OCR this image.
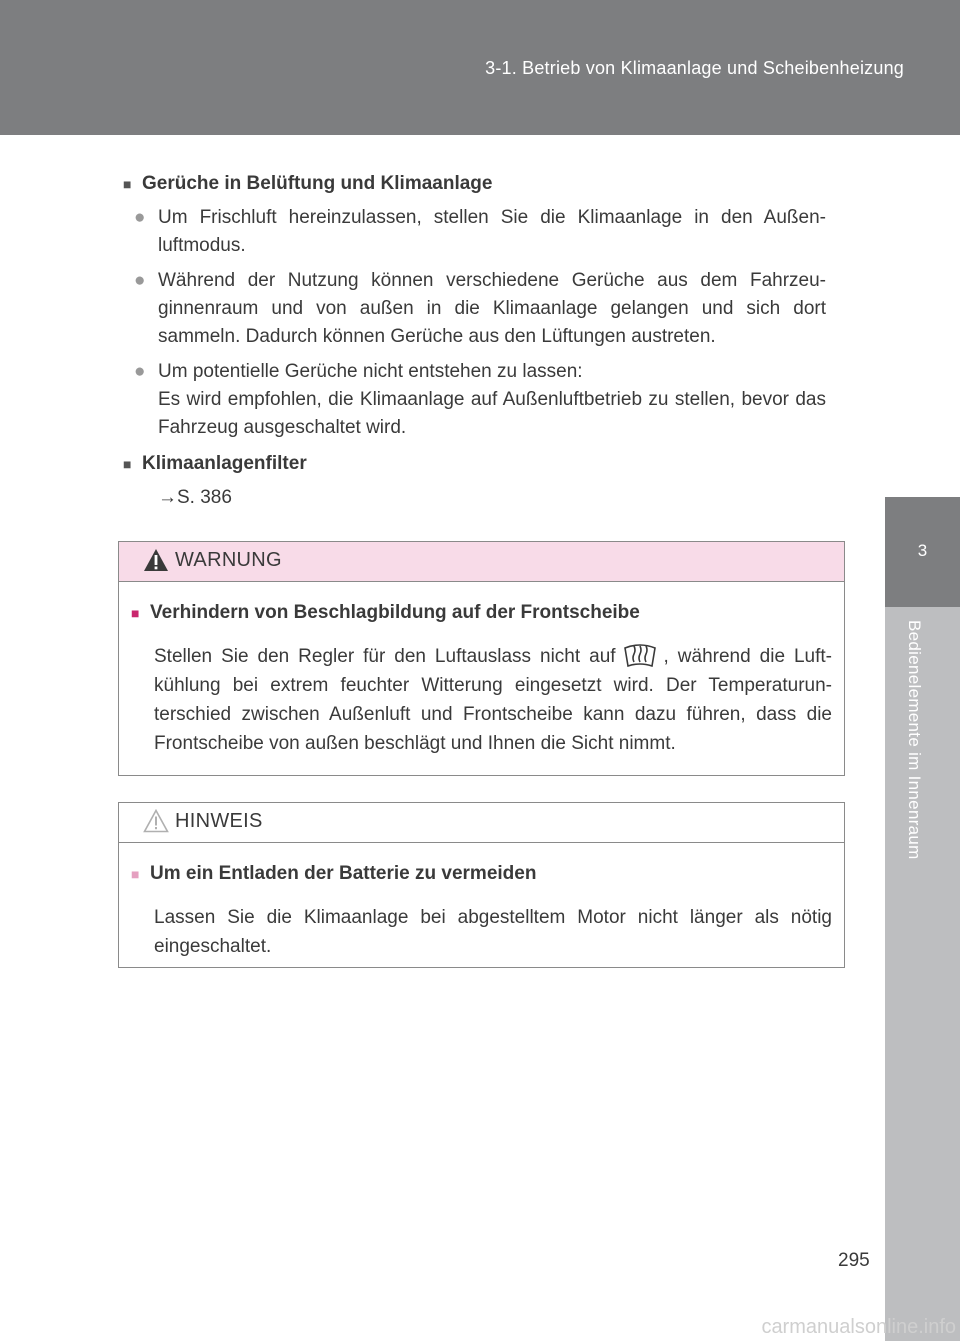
3-1. Betrieb von Klimaanlage und Scheibenheizung
3
Bedienelemente im Innenraum
■ Gerüche in Belüftung und Klimaanlage
● Um Frischluft hereinzulassen, stellen Sie die Klimaanlage in den Außen-luftmodus.
● Während der Nutzung können verschiedene Gerüche aus dem Fahrzeu-ginnenraum und von außen in die Klimaanlage gelangen und sich dort sammeln. Dadurch können Gerüche aus den Lüftungen austreten.
● Um potentielle Gerüche nicht entstehen zu lassen:
Es wird empfohlen, die Klimaanlage auf Außenluftbetrieb zu stellen, bevor das Fahrzeug ausgeschaltet wird.
■ Klimaanlagenfilter
→S. 386
WARNUNG
■ Verhindern von Beschlagbildung auf der Frontscheibe
Stellen Sie den Regler für den Luftauslass nicht auf	, während die Luft-kühlung bei extrem feuchter Witterung eingesetzt wird. Der Temperaturun-terschied zwischen Außenluft und Frontscheibe kann dazu führen, dass die Frontscheibe von außen beschlägt und Ihnen die Sicht nimmt.
HINWEIS
■ Um ein Entladen der Batterie zu vermeiden
Lassen Sie die Klimaanlage bei abgestelltem Motor nicht länger als nötig eingeschaltet.
295
carmanualsonline.info
